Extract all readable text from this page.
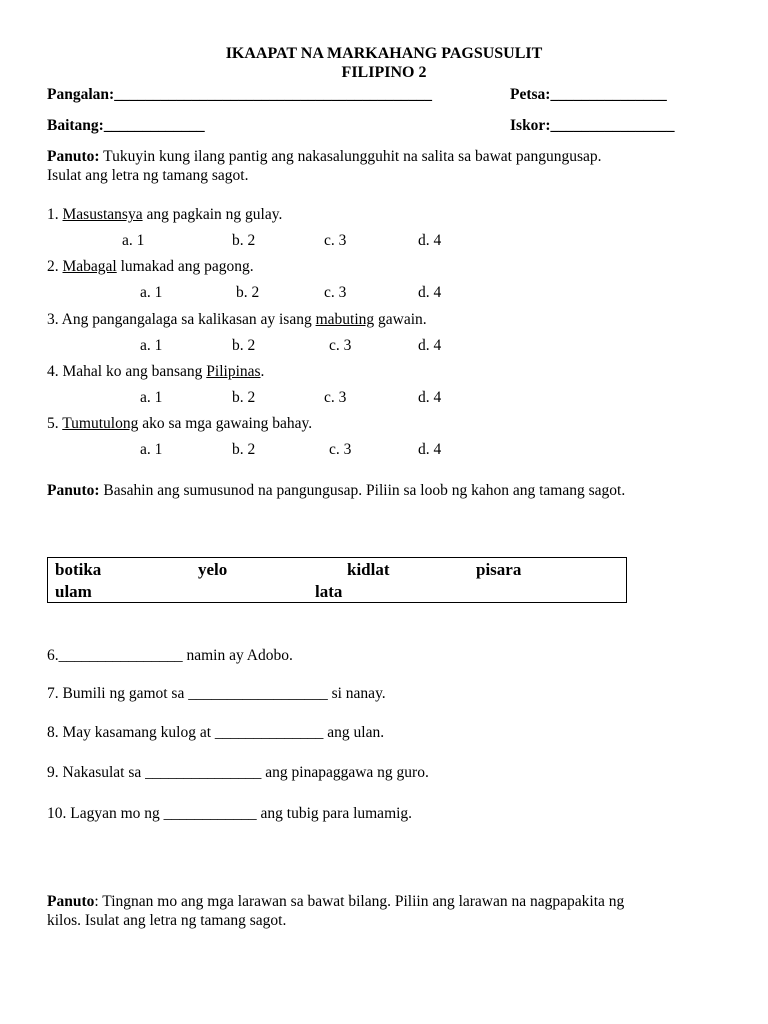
IKAAPAT NA MARKAHANG PAGSUSULIT
FILIPINO 2
Pangalan:_________________________________________	Petsa:_______________
Baitang:_____________	Iskor:________________
Panuto: Tukuyin kung ilang pantig ang nakasalungguhit na salita sa bawat pangungusap.
Isulat ang letra ng tamang sagot.
1. Masustansya ang pagkain ng gulay.
a. 1	b. 2	c. 3	d. 4
2. Mabagal lumakad ang pagong.
a. 1	b. 2	c. 3	d. 4
3. Ang pangangalaga sa kalikasan ay isang mabuting gawain.
a. 1	b. 2	c. 3	d. 4
4. Mahal ko ang bansang Pilipinas.
a. 1	b. 2	c. 3	d. 4
5. Tumutulong ako sa mga gawaing bahay.
a. 1	b. 2	c. 3	d. 4
Panuto: Basahin ang sumusunod na pangungusap. Piliin sa loob ng kahon ang tamang sagot.
botika	yelo	kidlat	pisara
ulam	lata
6.________________ namin ay Adobo.
7. Bumili ng gamot sa __________________ si nanay.
8. May kasamang kulog at ______________ ang ulan.
9. Nakasulat sa _______________ ang pinapaggawa ng guro.
10. Lagyan mo ng ____________ ang tubig para lumamig.
Panuto: Tingnan mo ang mga larawan sa bawat bilang. Piliin ang larawan na nagpapakita ng
kilos. Isulat ang letra ng tamang sagot.
